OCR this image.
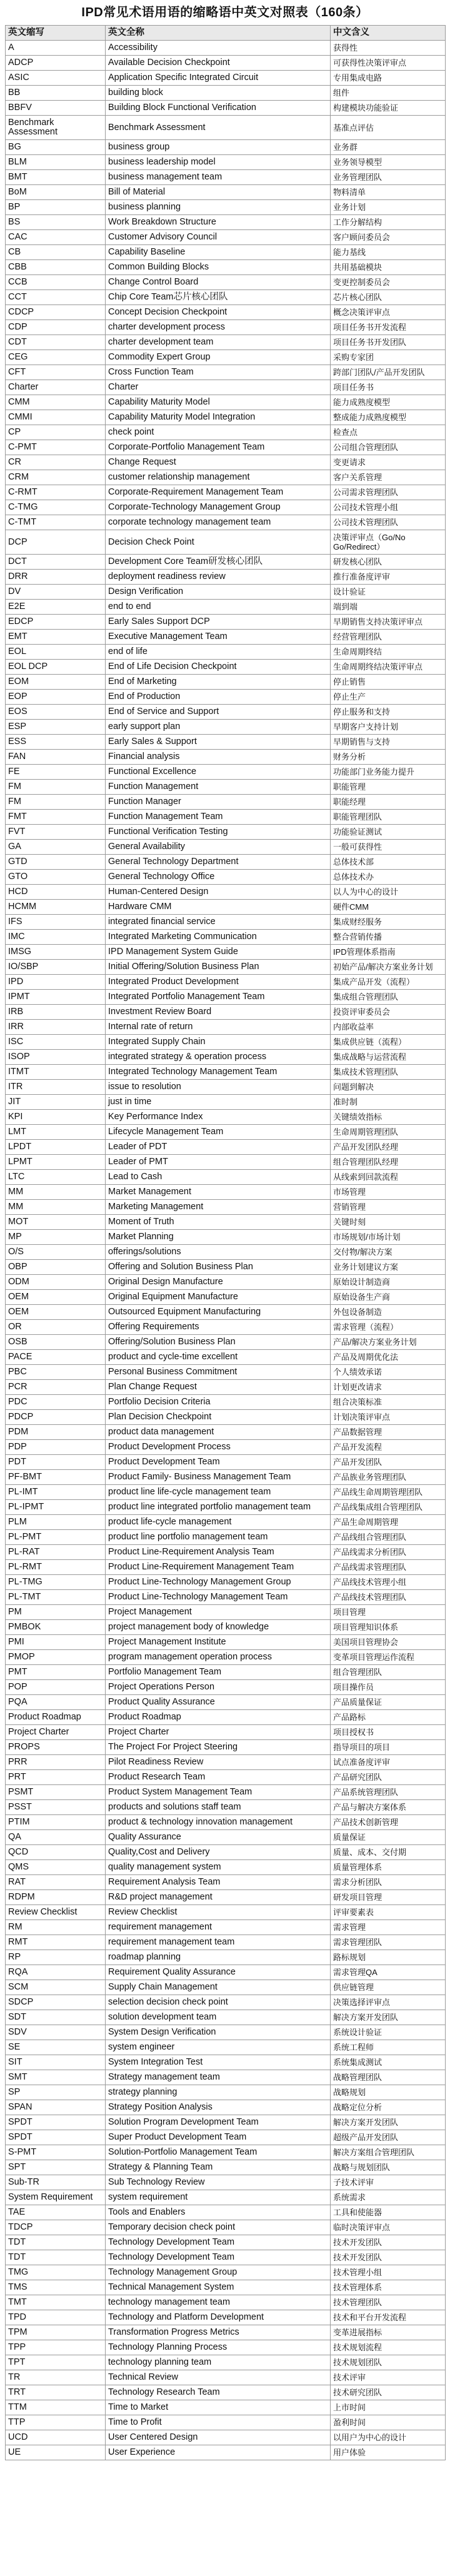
IPD常见术语用语的缩略语中英文对照表（160条）
英文缩写	英文全称	中文含义
A	Accessibility	获得性
ADCP	Available Decision Checkpoint	可获得性决策评审点
ASIC	Application Specific Integrated Circuit	专用集成电路
BB	building block	组件
BBFV	Building Block Functional Verification	构建模块功能验证
Benchmark Assessment	Benchmark Assessment	基准点评估
BG	business group	业务群
BLM	business leadership model	业务领导模型
BMT	business management team	业务管理团队
BoM	Bill of Material	物料清单
BP	business planning	业务计划
BS	Work Breakdown Structure	工作分解结构
CAC	Customer Advisory Council	客户顾问委员会
CB	Capability Baseline	能力基线
CBB	Common Building Blocks	共用基础模块
CCB	Change Control Board	变更控制委员会
CCT	Chip Core Team芯片核心团队	芯片核心团队
CDCP	Concept Decision Checkpoint	概念决策评审点
CDP	charter development process	项目任务书开发流程
CDT	charter development team	项目任务书开发团队
CEG	Commodity Expert Group	采购专家团
CFT	Cross Function Team	跨部门团队/产品开发团队
Charter	Charter	项目任务书
CMM	Capability Maturity Model	能力成熟度模型
CMMI	Capability Maturity Model Integration	整成能力成熟度模型
CP	check point	检查点
C-PMT	Corporate-Portfolio Management Team	公司组合管理团队
CR	Change Request	变更请求
CRM	customer relationship management	客户关系管理
C-RMT	Corporate-Requirement Management Team	公司需求管理团队
C-TMG	Corporate-Technology Management Group	公司技术管理小组
C-TMT	corporate technology management team	公司技术管理团队
DCP	Decision Check Point	决策评审点（Go/No Go/Redirect）
DCT	Development Core Team研发核心团队	研发核心团队
DRR	deployment readiness review	推行准备度评审
DV	Design Verification	设计验证
E2E	end to end	端到端
EDCP	Early Sales Support DCP	早期销售支持决策评审点
EMT	Executive Management Team	经营管理团队
EOL	end of life	生命周期终结
EOL DCP	End of Life Decision Checkpoint	生命周期终结决策评审点
EOM	End of Marketing	停止销售
EOP	End of Production	停止生产
EOS	End of Service and Support	停止服务和支持
ESP	early support plan	早期客户支持计划
ESS	Early Sales & Support	早期销售与支持
FAN	Financial analysis	财务分析
FE	Functional Excellence	功能部门业务能力提升
FM	Function Management	职能管理
FM	Function Manager	职能经理
FMT	Function Management Team	职能管理团队
FVT	Functional Verification Testing	功能验证测试
GA	General Availability	一般可获得性
GTD	General Technology Department	总体技术部
GTO	General Technology Office	总体技术办
HCD	Human-Centered Design	以人为中心的设计
HCMM	Hardware CMM	硬件CMM
IFS	integrated financial service	集成财经服务
IMC	Integrated Marketing Communication	整合营销传播
IMSG	IPD Management System Guide	IPD管理体系指南
IO/SBP	Initial Offering/Solution Business Plan	初始产品/解决方案业务计划
IPD	Integrated Product Development	集成产品开发（流程）
IPMT	Integrated Portfolio Management Team	集成组合管理团队
IRB	Investment Review Board	投资评审委员会
IRR	Internal rate of return	内部收益率
ISC	Integrated Supply Chain	集成供应链（流程）
ISOP	integrated strategy & operation process	集成战略与运营流程
ITMT	Integrated Technology Management Team	集成技术管理团队
ITR	issue to resolution	问题到解决
JIT	just in time	准时制
KPI	Key Performance Index	关键绩效指标
LMT	Lifecycle Management Team	生命周期管理团队
LPDT	Leader of PDT	产品开发团队经理
LPMT	Leader of PMT	组合管理团队经理
LTC	Lead to Cash	从线索到回款流程
MM	Market Management	市场管理
MM	Marketing Management	营销管理
MOT	Moment of Truth	关键时刻
MP	Market Planning	市场规划/市场计划
O/S	offerings/solutions	交付物/解决方案
OBP	Offering and Solution Business Plan	业务计划建议方案
ODM	Original Design Manufacture	原始设计制造商
OEM	Original Equipment Manufacture	原始设备生产商
OEM	Outsourced Equipment Manufacturing	外包设备制造
OR	Offering Requirements	需求管理（流程）
OSB	Offering/Solution Business Plan	产品/解决方案业务计划
PACE	product and cycle-time excellent	产品及周期优化法
PBC	Personal Business Commitment	个人绩效承诺
PCR	Plan Change Request	计划更改请求
PDC	Portfolio Decision Criteria	组合决策标准
PDCP	Plan Decision Checkpoint	计划决策评审点
PDM	product data management	产品数据管理
PDP	Product Development Process	产品开发流程
PDT	Product Development Team	产品开发团队
PF-BMT	Product Family- Business Management Team	产品族业务管理团队
PL-IMT	product line life-cycle management team	产品线生命周期管理团队
PL-IPMT	product line integrated portfolio management team	产品线集成组合管理团队
PLM	product life-cycle management	产品生命周期管理
PL-PMT	product line portfolio management team	产品线组合管理团队
PL-RAT	Product Line-Requirement Analysis Team	产品线需求分析团队
PL-RMT	Product Line-Requirement Management Team	产品线需求管理团队
PL-TMG	Product Line-Technology Management Group	产品线技术管理小组
PL-TMT	Product Line-Technology Management Team	产品线技术管理团队
PM	Project Management	项目管理
PMBOK	project management body of knowledge	项目管理知识体系
PMI	Project Management Institute	美国项目管理协会
PMOP	program management operation process	变革项目管理运作流程
PMT	Portfolio Management Team	组合管理团队
POP	Project Operations Person	项目操作员
PQA	Product Quality Assurance	产品质量保证
Product Roadmap	Product Roadmap	产品路标
Project Charter	Project Charter	项目授权书
PROPS	The Project For Project Steering	指导项目的项目
PRR	Pilot Readiness Review	试点准备度评审
PRT	Product Research Team	产品研究团队
PSMT	Product System Management Team	产品系统管理团队
PSST	products and solutions staff team	产品与解决方案体系
PTIM	product & technology innovation management	产品技术创新管理
QA	Quality Assurance	质量保证
QCD	Quality,Cost and Delivery	质量、成本、交付期
QMS	quality management system	质量管理体系
RAT	Requirement Analysis Team	需求分析团队
RDPM	R&D project management	研发项目管理
Review Checklist	Review Checklist	评审要素表
RM	requirement management	需求管理
RMT	requirement management team	需求管理团队
RP	roadmap planning	路标规划
RQA	Requirement Quality Assurance	需求管理QA
SCM	Supply Chain Management	供应链管理
SDCP	selection decision check point	决策选择评审点
SDT	solution development team	解决方案开发团队
SDV	System Design Verification	系统设计验证
SE	system engineer	系统工程师
SIT	System Integration Test	系统集成测试
SMT	Strategy management team	战略管理团队
SP	strategy planning	战略规划
SPAN	Strategy Position Analysis	战略定位分析
SPDT	Solution Program Development Team	解决方案开发团队
SPDT	Super Product Development Team	超级产品开发团队
S-PMT	Solution-Portfolio Management Team	解决方案组合管理团队
SPT	Strategy & Planning Team	战略与规划团队
Sub-TR	Sub Technology Review	子技术评审
System Requirement	system requirement	系统需求
TAE	Tools and Enablers	工具和使能器
TDCP	Temporary decision check point	临时决策评审点
TDT	Technology Development Team	技术开发团队
TDT	Technology Development Team	技术开发团队
TMG	Technology Management Group	技术管理小组
TMS	Technical Management System	技术管理体系
TMT	technology management team	技术管理团队
TPD	Technology and Platform Development	技术和平台开发流程
TPM	Transformation Progress Metrics	变革进展指标
TPP	Technology Planning Process	技术规划流程
TPT	technology planning team	技术规划团队
TR	Technical Review	技术评审
TRT	Technology Research Team	技术研究团队
TTM	Time to Market	上市时间
TTP	Time to Profit	盈利时间
UCD	User Centered Design	以用户为中心的设计
UE	User Experience	用户体验
